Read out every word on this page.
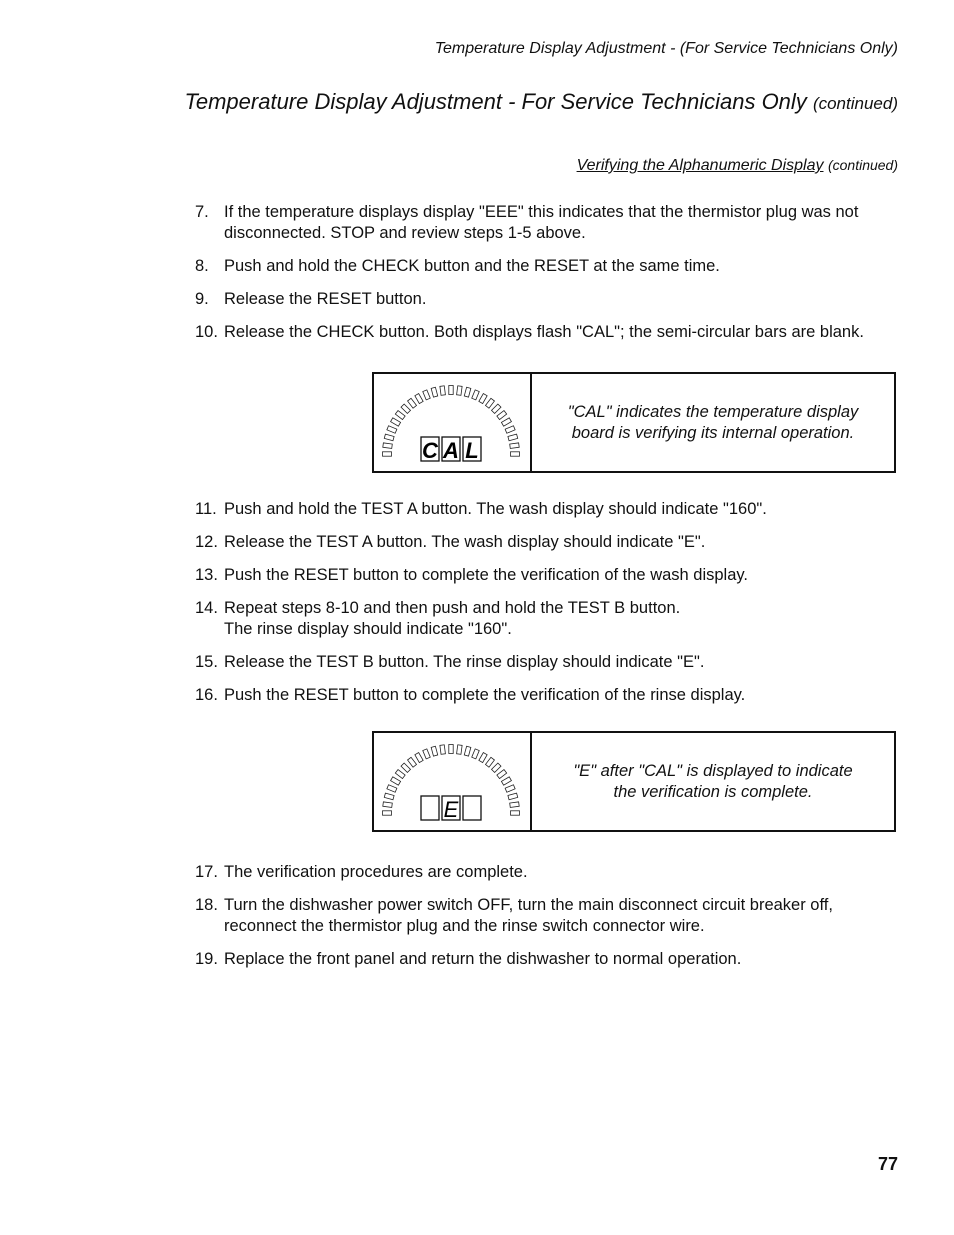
Temperature Display Adjustment - (For Service Technicians Only)
Temperature Display Adjustment - For Service Technicians Only (continued)
Verifying the Alphanumeric Display (continued)
7. If the temperature displays display "EEE" this indicates that the thermistor plug was not
disconnected. STOP and review steps 1-5 above.
8. Push and hold the CHECK button and the RESET at the same time.
9. Release the RESET button.
10. Release the CHECK button. Both displays flash "CAL"; the semi-circular bars are blank.
C A L
"CAL" indicates the temperature display
board is verifying its internal operation.
11. Push and hold the TEST A button. The wash display should indicate "160".
12. Release the TEST A button. The wash display should indicate "E".
13. Push the RESET button to complete the verification of the wash display.
14. Repeat steps 8-10 and then push and hold the TEST B button.
The rinse display should indicate "160".
15. Release the TEST B button. The rinse display should indicate "E".
16. Push the RESET button to complete the verification of the rinse display.
E
"E" after "CAL" is displayed to indicate
the verification is complete.
17. The verification procedures are complete.
18. Turn the dishwasher power switch OFF, turn the main disconnect circuit breaker off,
reconnect the thermistor plug and the rinse switch connector wire.
19. Replace the front panel and return the dishwasher to normal operation.
77
